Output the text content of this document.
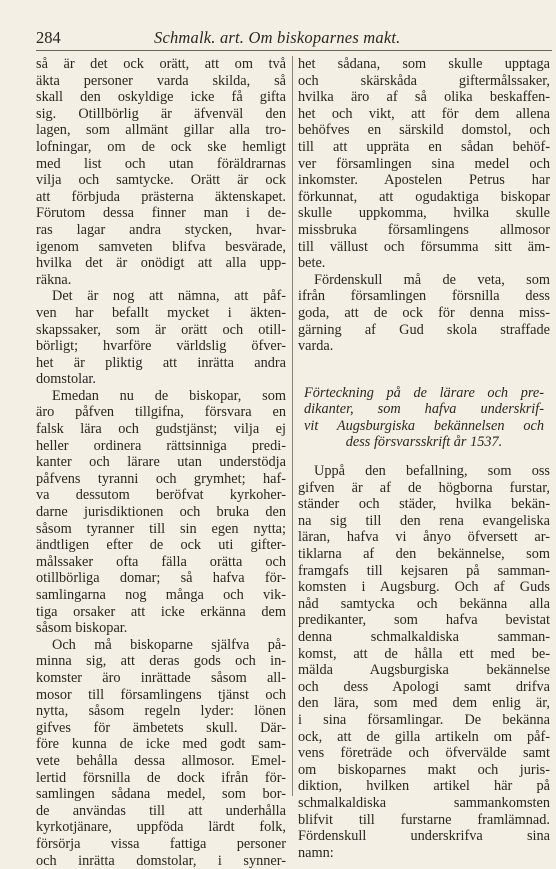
284	Schmalk. art. Om biskoparnes makt.
så är det ock orätt, att om två
äkta personer varda skilda, så
skall den oskyldige icke få gifta
sig. Otillbörlig är äfvenväl den
lagen, som allmänt gillar alla tro-
lofningar, om de ock ske hemligt
med list och utan föräldrarnas
vilja och samtycke. Orätt är ock
att förbjuda prästerna äktenskapet.
Förutom dessa finner man i de-
ras lagar andra stycken, hvar-
igenom samveten blifva besvärade,
hvilka det är onödigt att alla upp-
räkna.
Det är nog att nämna, att påf-
ven har befallt mycket i äkten-
skapssaker, som är orätt och otill-
börligt; hvarföre världslig öfver-
het är pliktig att inrätta andra
domstolar.
Emedan nu de biskopar, som
äro påfven tillgifna, försvara en
falsk lära och gudstjänst; vilja ej
heller ordinera rättsinniga predi-
kanter och lärare utan understödja
påfvens tyranni och grymhet; haf-
va dessutom beröfvat kyrkoher-
darne jurisdiktionen och bruka den
såsom tyranner till sin egen nytta;
ändtligen efter de ock uti gifter-
målssaker ofta fälla orätta och
otillbörliga domar; så hafva för-
samlingarna nog många och vik-
tiga orsaker att icke erkänna dem
såsom biskopar.
Och må biskoparne själfva på-
minna sig, att deras gods och in-
komster äro inrättade såsom all-
mosor till församlingens tjänst och
nytta, såsom regeln lyder: lönen
gifves för ämbetets skull. Där-
före kunna de icke med godt sam-
vete behålla dessa allmosor. Emel-
lertid försnilla de dock ifrån för-
samlingen sådana medel, som bor-
de användas till att underhålla
kyrkotjänare, uppföda lärdt folk,
försörja vissa fattiga personer
och inrätta domstolar, i synner-
het sådana, som skulle upptaga
och skärskåda giftermålssaker,
hvilka äro af så olika beskaffen-
het och vikt, att för dem allena
behöfves en särskild domstol, och
till att uppräta en sådan behöf-
ver församlingen sina medel och
inkomster. Apostelen Petrus har
förkunnat, att ogudaktiga biskopar
skulle uppkomma, hvilka skulle
missbruka församlingens allmosor
till vällust och försumma sitt äm-
bete.
Fördenskull må de veta, som
ifrån församlingen försnilla dess
goda, att de ock för denna miss-
gärning af Gud skola straffade
varda.
Förteckning på de lärare och pre-
dikanter, som hafva underskrif-
vit Augsburgiska bekännelsen och
dess försvarsskrift år 1537.
Uppå den befallning, som oss
gifven är af de högborna furstar,
ständer och städer, hvilka bekän-
na sig till den rena evangeliska
läran, hafva vi ånyo öfversett ar-
tiklarna af den bekännelse, som
framgafs till kejsaren på samman-
komsten i Augsburg. Och af Guds
nåd samtycka och bekänna alla
predikanter, som hafva bevistat
denna schmalkaldiska samman-
komst, att de hålla ett med be-
mälda Augsburgiska bekännelse
och dess Apologi samt drifva
den lära, som med dem enlig är,
i sina församlingar. De bekänna
ock, att de gilla artikeln om påf-
vens företräde och öfvervälde samt
om biskoparnes makt och juris-
diktion, hvilken artikel här på
schmalkaldiska sammankomsten
blifvit till furstarne framlämnad.
Fördenskull underskrifva sina
namn:
